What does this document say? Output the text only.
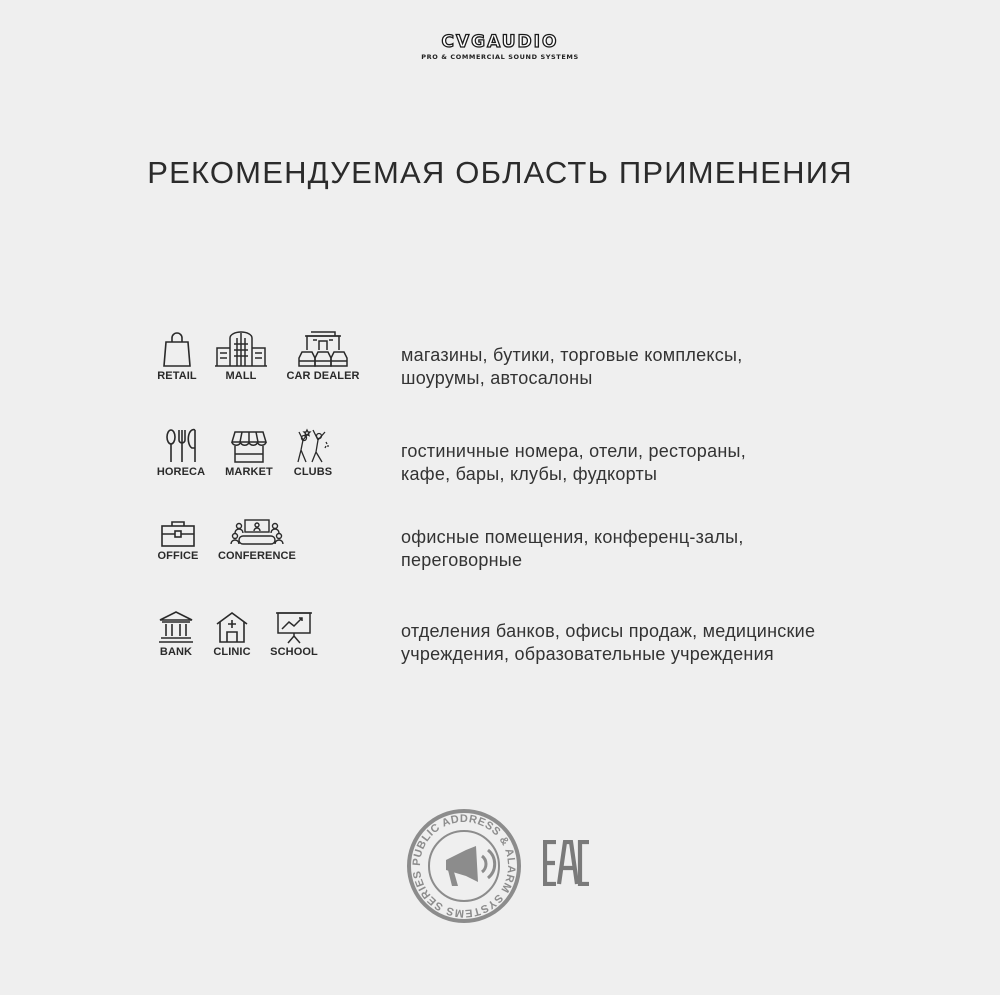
CVGAUDIO
PRO & COMMERCIAL SOUND SYSTEMS
РЕКОМЕНДУЕМАЯ ОБЛАСТЬ ПРИМЕНЕНИЯ
RETAIL	MALL	CAR DEALER
магазины, бутики, торговые комплексы,
шоурумы, автосалоны
HORECA	MARKET	CLUBS
гостиничные номера, отели, рестораны,
кафе, бары, клубы, фудкорты
OFFICE	CONFERENCE
офисные помещения, конференц-залы,
переговорные
BANK	CLINIC	SCHOOL
отделения банков, офисы продаж, медицинские
учреждения, образовательные учреждения
PUBLIC ADDRESS & ALARM SYSTEMS SERIES
